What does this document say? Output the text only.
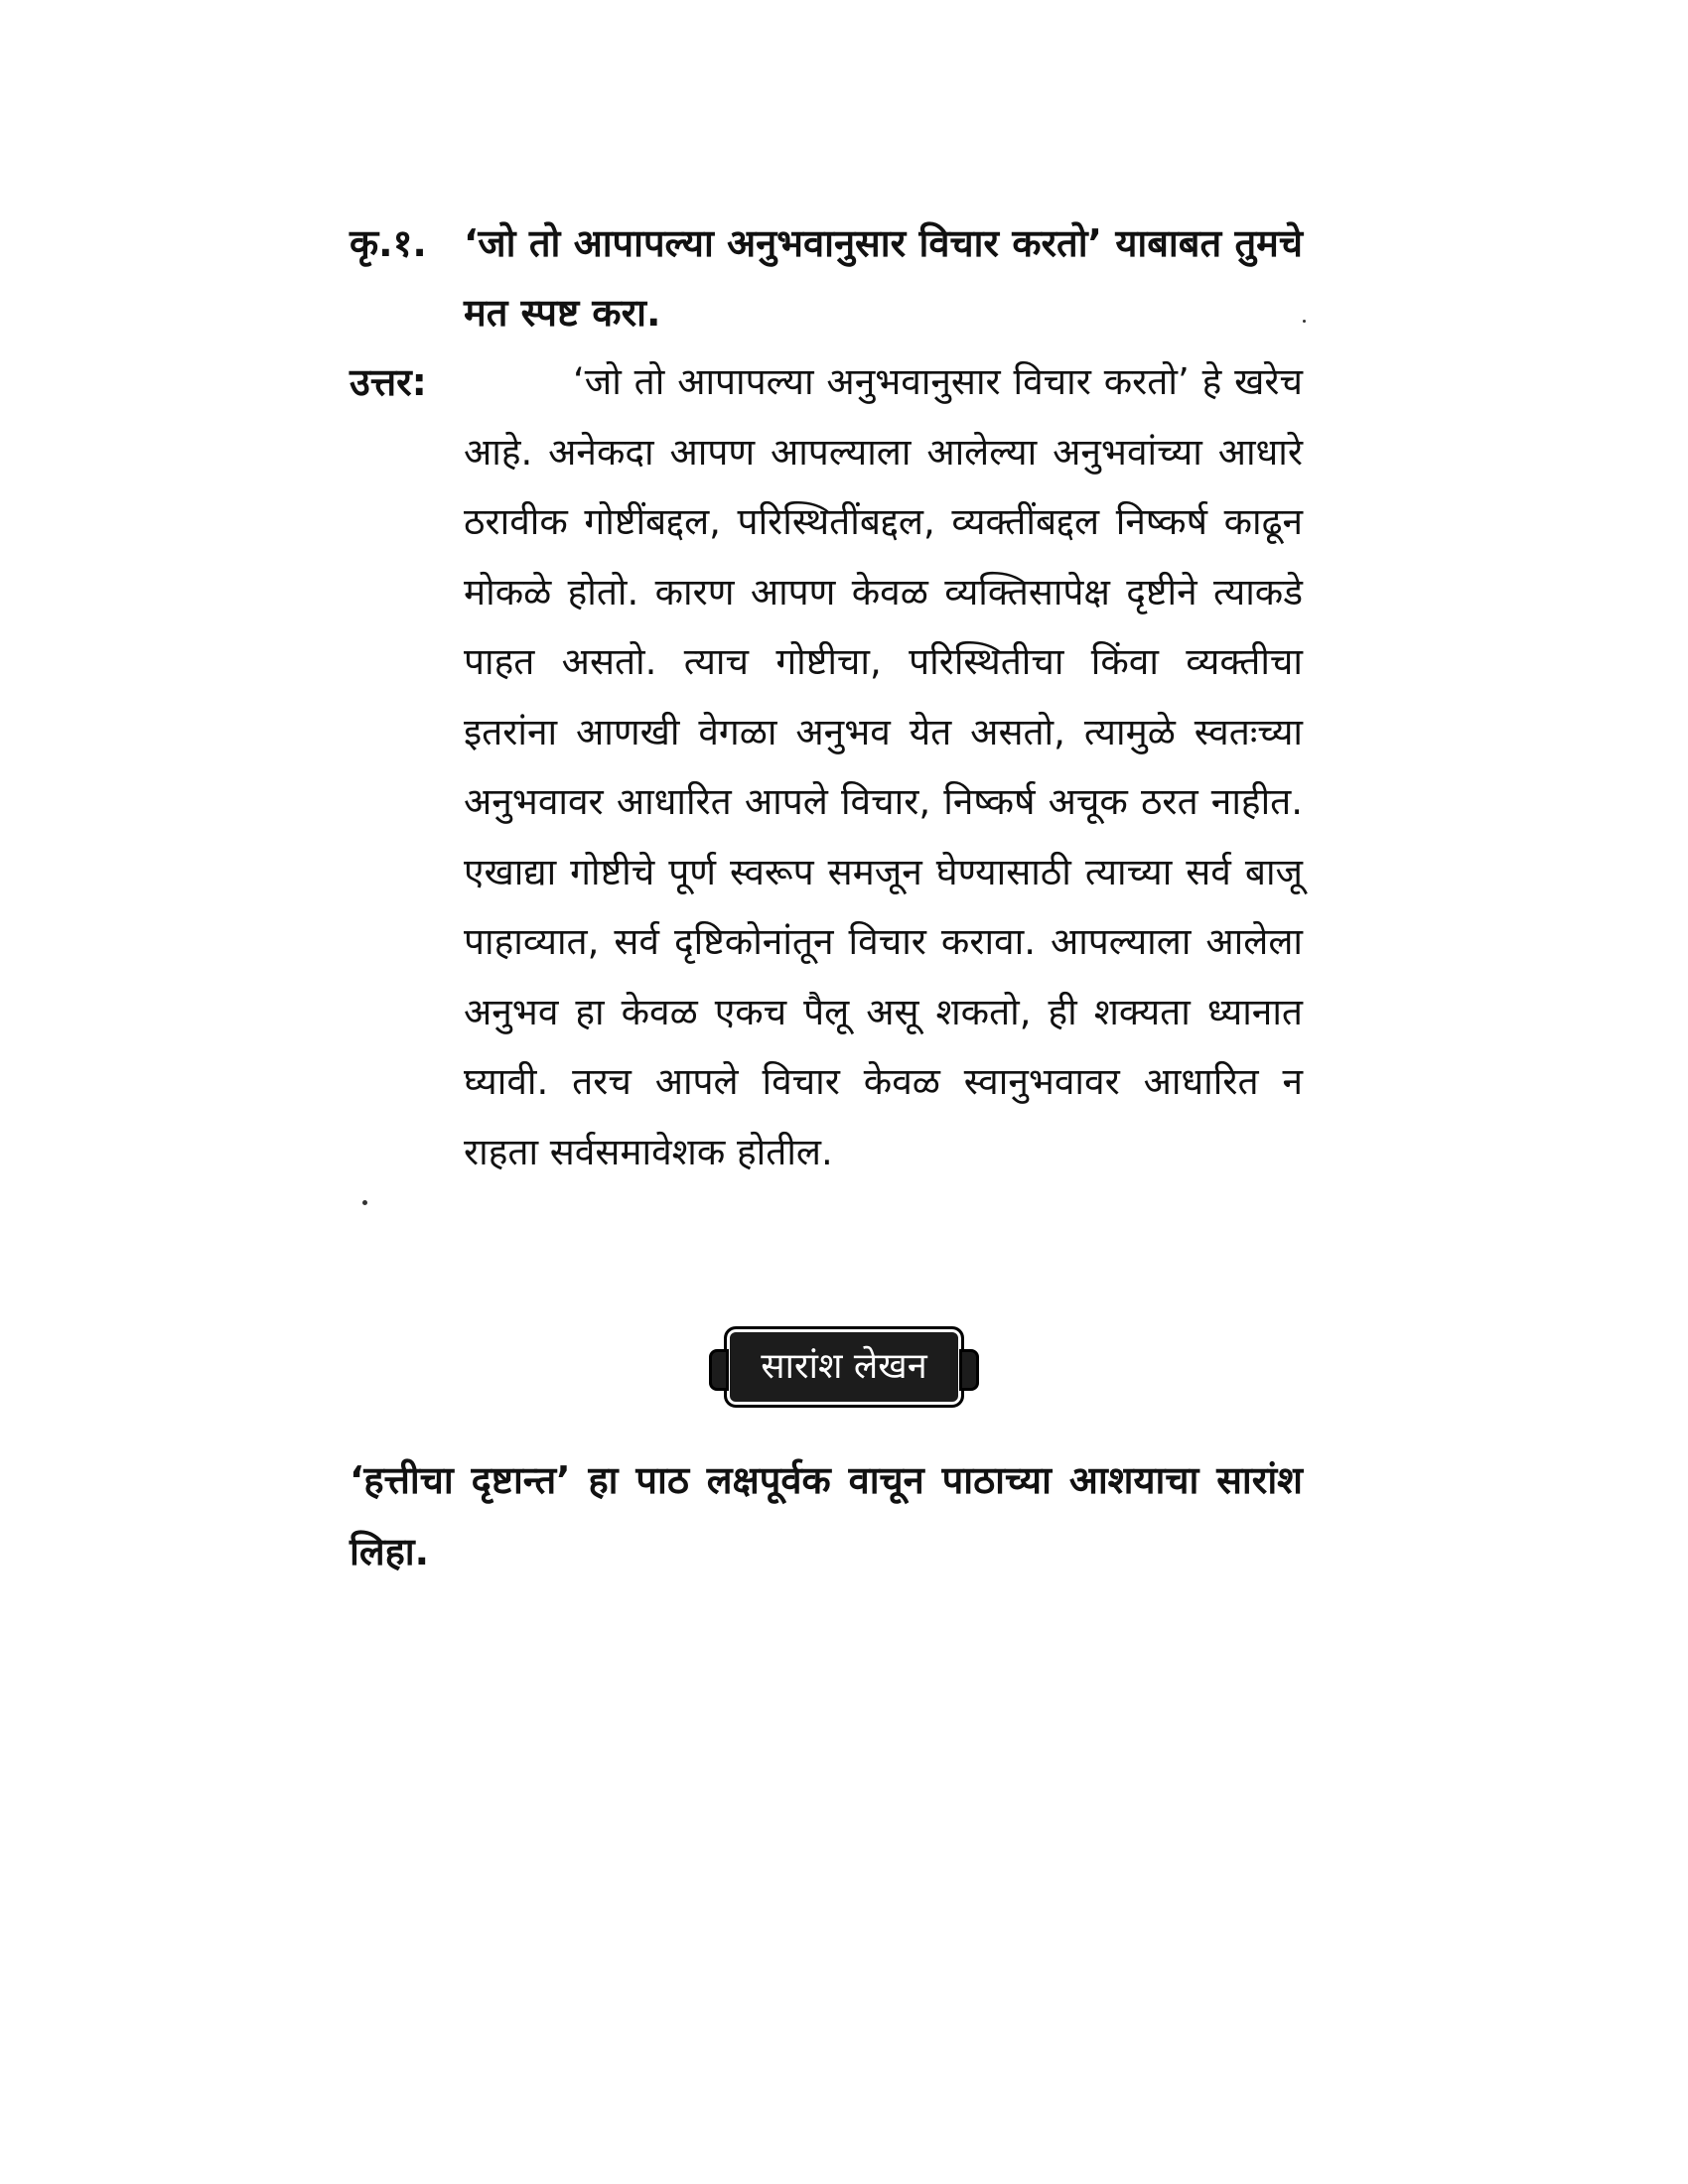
कृ.१. ‘जो तो आपापल्या अनुभवानुसार विचार करतो’ याबाबत तुमचे मत स्पष्ट करा.
उत्तर:	‘जो तो आपापल्या अनुभवानुसार विचार करतो’ हे खरेच आहे. अनेकदा आपण आपल्याला आलेल्या अनुभवांच्या आधारे ठरावीक गोष्टींबद्दल, परिस्थितींबद्दल, व्यक्तींबद्दल निष्कर्ष काढून मोकळे होतो. कारण आपण केवळ व्यक्तिसापेक्ष दृष्टीने त्याकडे पाहत असतो. त्याच गोष्टीचा, परिस्थितीचा किंवा व्यक्तीचा इतरांना आणखी वेगळा अनुभव येत असतो, त्यामुळे स्वतःच्या अनुभवावर आधारित आपले विचार, निष्कर्ष अचूक ठरत नाहीत. एखाद्या गोष्टीचे पूर्ण स्वरूप समजून घेण्यासाठी त्याच्या सर्व बाजू पाहाव्यात, सर्व दृष्टिकोनांतून विचार करावा. आपल्याला आलेला अनुभव हा केवळ एकच पैलू असू शकतो, ही शक्यता ध्यानात घ्यावी. तरच आपले विचार केवळ स्वानुभवावर आधारित न राहता सर्वसमावेशक होतील.
सारांश लेखन
‘हत्तीचा दृष्टान्त’ हा पाठ लक्षपूर्वक वाचून पाठाच्या आशयाचा सारांश लिहा.
